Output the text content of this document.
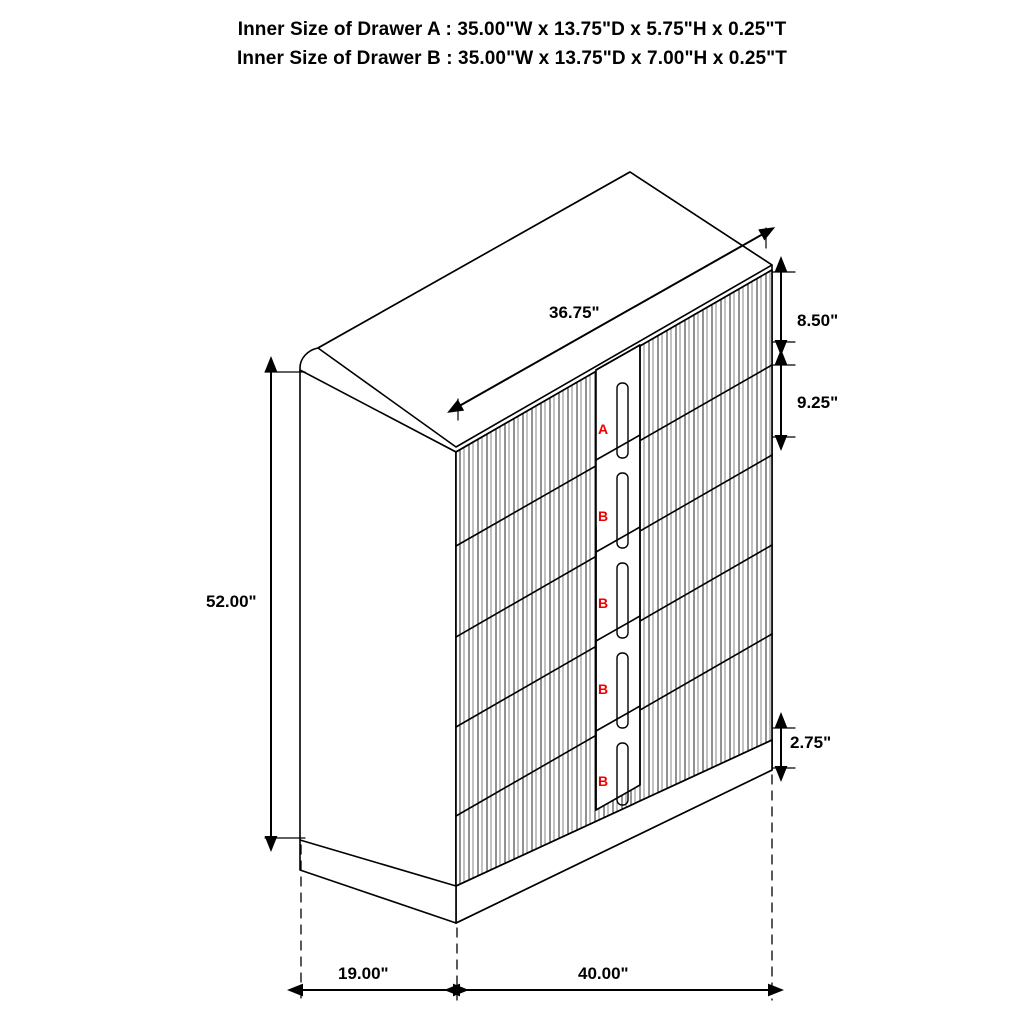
Inner Size of Drawer A : 35.00"W x 13.75"D x 5.75"H x 0.25"T
Inner Size of Drawer B : 35.00"W x 13.75"D x 7.00"H x 0.25"T
36.75"
52.00"
8.50"
9.25"
2.75"
19.00"	40.00"
A
B
B
B
B
